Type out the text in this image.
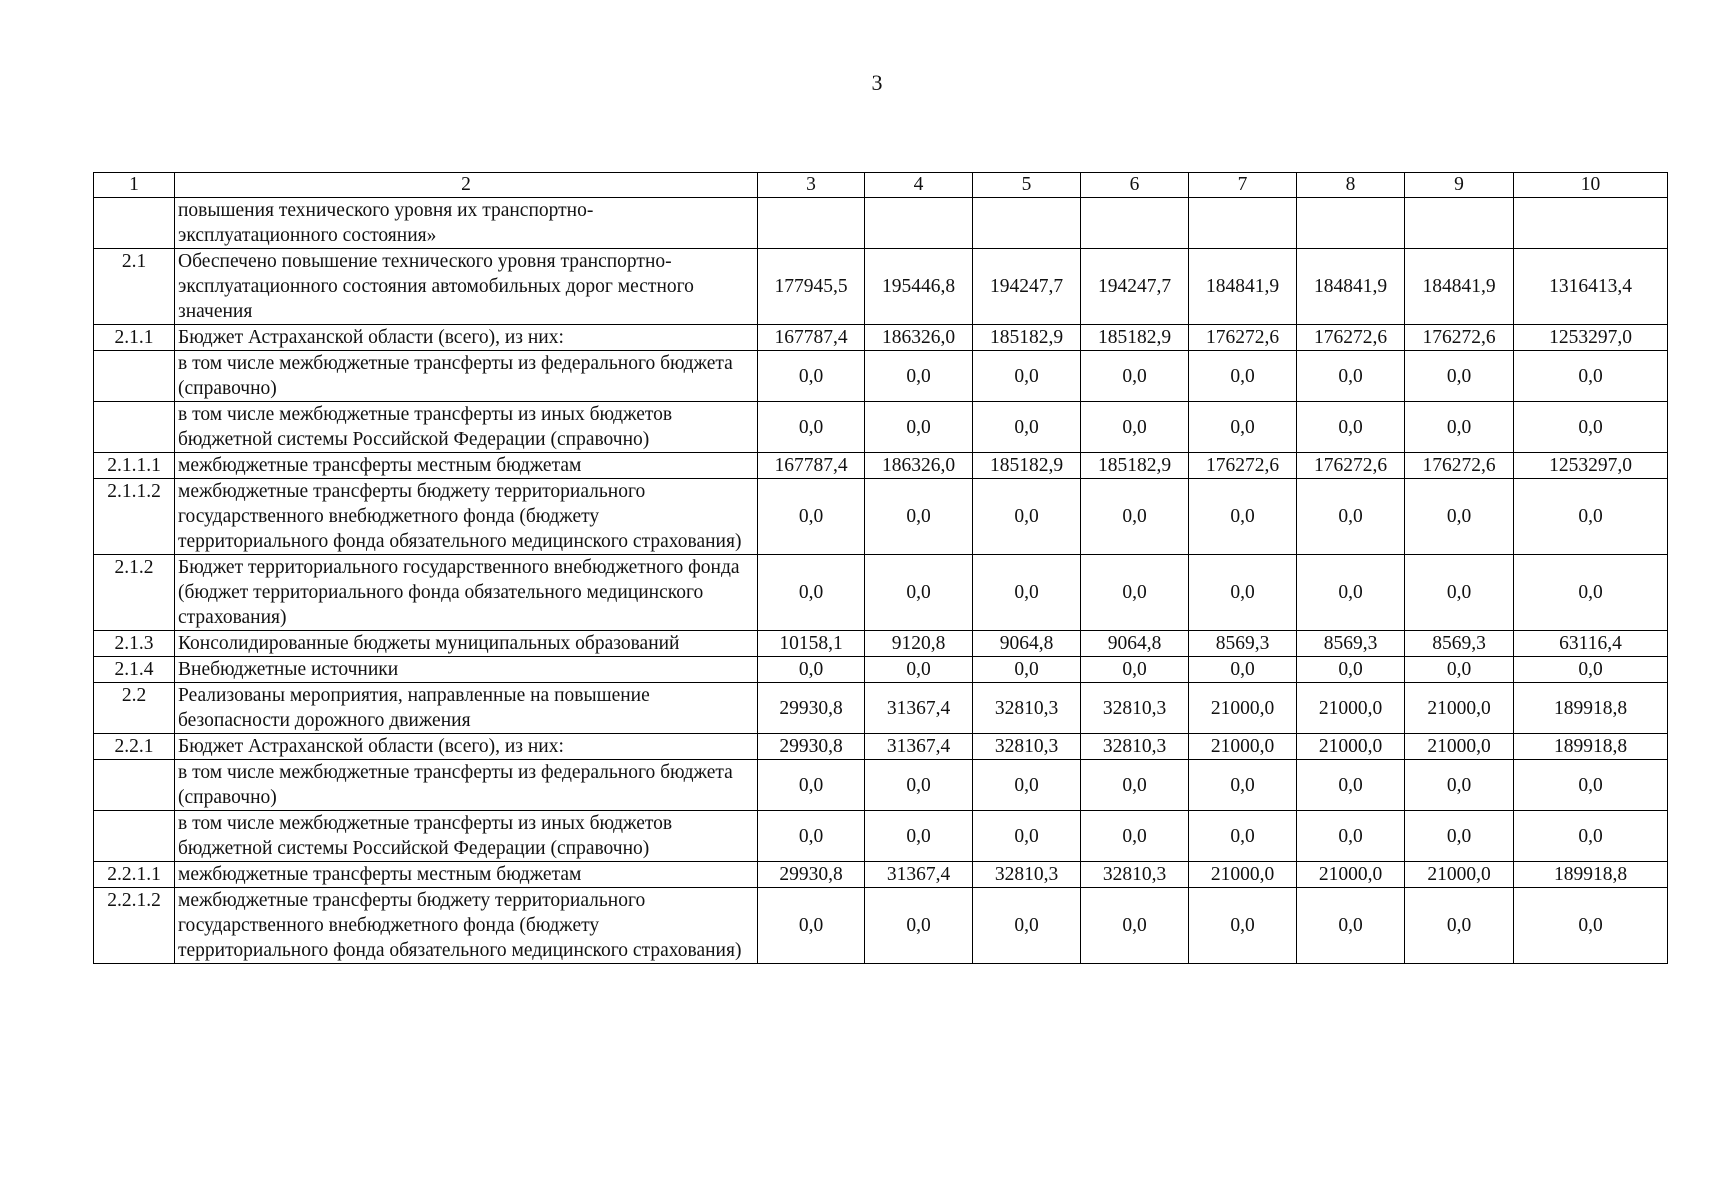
3
1	2	3	4	5	6	7	8	9	10
	повышения технического уровня их транспортно-эксплуатационного состояния»								
2.1	Обеспечено повышение технического уровня транспортно-эксплуатационного состояния автомобильных дорог местного значения	177945,5	195446,8	194247,7	194247,7	184841,9	184841,9	184841,9	1316413,4
2.1.1	Бюджет Астраханской области (всего), из них:	167787,4	186326,0	185182,9	185182,9	176272,6	176272,6	176272,6	1253297,0
	в том числе межбюджетные трансферты из федерального бюджета (справочно)	0,0	0,0	0,0	0,0	0,0	0,0	0,0	0,0
	в том числе межбюджетные трансферты из иных бюджетов бюджетной системы Российской Федерации (справочно)	0,0	0,0	0,0	0,0	0,0	0,0	0,0	0,0
2.1.1.1	межбюджетные трансферты местным бюджетам	167787,4	186326,0	185182,9	185182,9	176272,6	176272,6	176272,6	1253297,0
2.1.1.2	межбюджетные трансферты бюджету территориального государственного внебюджетного фонда (бюджету территориального фонда обязательного медицинского страхования)	0,0	0,0	0,0	0,0	0,0	0,0	0,0	0,0
2.1.2	Бюджет территориального государственного внебюджетного фонда (бюджет территориального фонда обязательного медицинского страхования)	0,0	0,0	0,0	0,0	0,0	0,0	0,0	0,0
2.1.3	Консолидированные бюджеты муниципальных образований	10158,1	9120,8	9064,8	9064,8	8569,3	8569,3	8569,3	63116,4
2.1.4	Внебюджетные источники	0,0	0,0	0,0	0,0	0,0	0,0	0,0	0,0
2.2	Реализованы мероприятия, направленные на повышение безопасности дорожного движения	29930,8	31367,4	32810,3	32810,3	21000,0	21000,0	21000,0	189918,8
2.2.1	Бюджет Астраханской области (всего), из них:	29930,8	31367,4	32810,3	32810,3	21000,0	21000,0	21000,0	189918,8
	в том числе межбюджетные трансферты из федерального бюджета (справочно)	0,0	0,0	0,0	0,0	0,0	0,0	0,0	0,0
	в том числе межбюджетные трансферты из иных бюджетов бюджетной системы Российской Федерации (справочно)	0,0	0,0	0,0	0,0	0,0	0,0	0,0	0,0
2.2.1.1	межбюджетные трансферты местным бюджетам	29930,8	31367,4	32810,3	32810,3	21000,0	21000,0	21000,0	189918,8
2.2.1.2	межбюджетные трансферты бюджету территориального государственного внебюджетного фонда (бюджету территориального фонда обязательного медицинского страхования)	0,0	0,0	0,0	0,0	0,0	0,0	0,0	0,0
